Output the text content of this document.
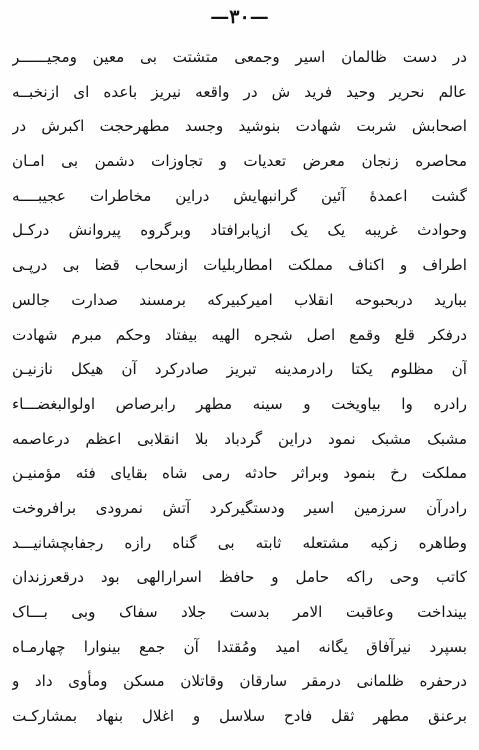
—۳۰—
در دست ظالمان اسیر وجمعی متشتت بی معین ومجیــــــر
عالم نحریر وحید فرید ش در واقعه نیریز باعده ای ازنخبــه
اصحابش شربت شهادت بنوشید وجسد مطهرحجت اکبرش در
محاصره زنجان معرض تعدیات و تجاوزات دشمن بی امـان
گشت اعمدهٔ آئین گرانبهایش دراین مخاطرات عجیبــــه
وحوادث غریبه یک یک ازپابرافتاد وبرگروه پیروانش درکـل
اطراف و اکناف مملکت امطاربلیات ازسحاب قضا بی درپـی
ببارید دربحبوحه انقلاب امیرکبیرکه برمسند صدارت جالس
درفکر قلع وقمع اصل شجره الهیه بیفتاد وحکم مبرم شهادت
آن مظلوم یکتا رادرمدینه تبریز صادرکرد آن هیکل نازنیـن
رادره وا بیاویخت و سینه مطهر رابرصاص اولوالبغضـــاء
مشبک مشبک نمود دراین گردباد بلا انقلابی اعظم درعاصمه
مملکت رخ بنمود وبراثر حادثه رمی شاه بقایای فئه مؤمنیـن
رادرآن سرزمین اسیر ودستگیرکرد آتش نمرودی برافروخت
وطاهره زکیه مشتعله ثابته بی گناه رازه رجفابچشانیـــد
کاتب وحی راکه حامل و حافظ اسرارالهی بود درقعرزندان
بینداخت وعاقبت الامر بدست جلاد سفاک وبی بـــاک
بسپرد نیرآفاق یگانه امید ومُقتدا آن جمع بینوارا چهارمـاه
درحفره ظلمانی درمقر سارقان وقاتلان مسکن ومأوی داد و
برعنق مطهر ثقل فادح سلاسل و اغلال بنهاد بمشارکـت
